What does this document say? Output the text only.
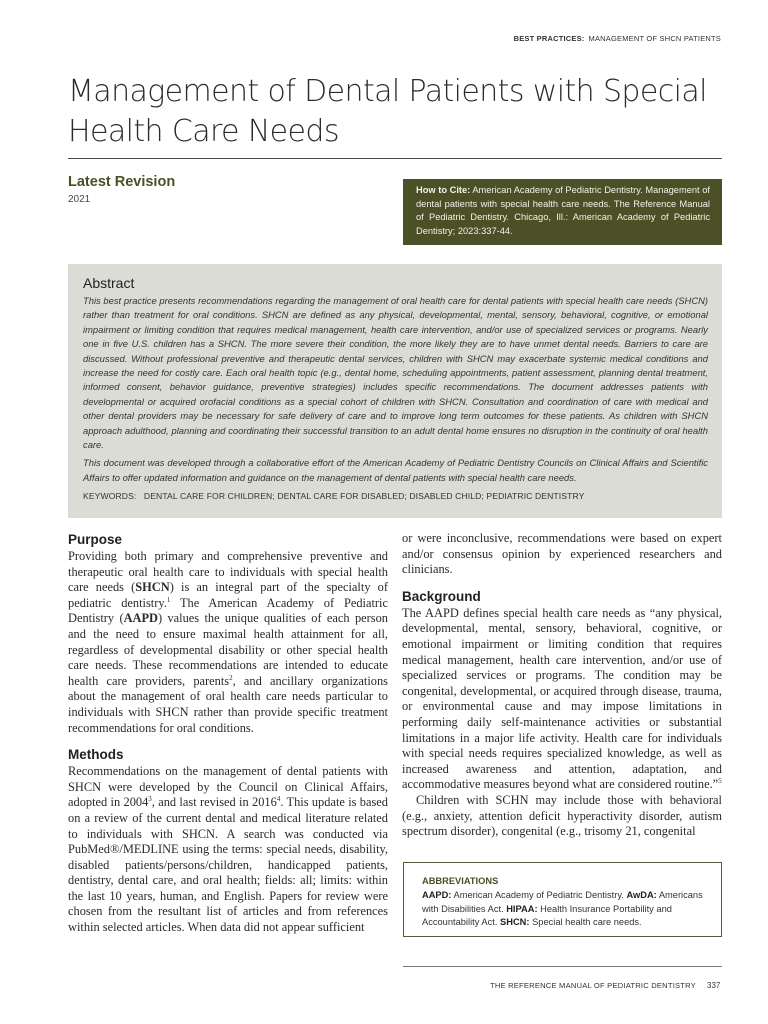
BEST PRACTICES: MANAGEMENT OF SHCN PATIENTS
Management of Dental Patients with Special
Health Care Needs
Latest Revision
2021
How to Cite: American Academy of Pediatric Dentistry. Management of dental patients with special health care needs. The Reference Manual of Pediatric Dentistry. Chicago, Ill.: American Academy of Pediatric Dentistry; 2023:337-44.
Abstract

This best practice presents recommendations regarding the management of oral health care for dental patients with special health care needs (SHCN) rather than treatment for oral conditions. SHCN are defined as any physical, developmental, mental, sensory, behavioral, cognitive, or emotional impairment or limiting condition that requires medical management, health care intervention, and/or use of specialized services or programs. Nearly one in five U.S. children has a SHCN. The more severe their condition, the more likely they are to have unmet dental needs. Barriers to care are discussed. Without professional preventive and therapeutic dental services, children with SHCN may exacerbate systemic medical conditions and increase the need for costly care. Each oral health topic (e.g., dental home, scheduling appointments, patient assessment, planning dental treatment, informed consent, behavior guidance, preventive strategies) includes specific recommendations. The document addresses patients with developmental or acquired orofacial conditions as a special cohort of children with SHCN. Consultation and coordination of care with medical and other dental providers may be necessary for safe delivery of care and to improve long term outcomes for these patients. As children with SHCN approach adulthood, planning and coordinating their successful transition to an adult dental home ensures no disruption in the continuity of oral health care.

This document was developed through a collaborative effort of the American Academy of Pediatric Dentistry Councils on Clinical Affairs and Scientific Affairs to offer updated information and guidance on the management of dental patients with special health care needs.

KEYWORDS: DENTAL CARE FOR CHILDREN; DENTAL CARE FOR DISABLED; DISABLED CHILD; PEDIATRIC DENTISTRY
Purpose

Providing both primary and comprehensive preventive and therapeutic oral health care to individuals with special health care needs (SHCN) is an integral part of the specialty of pediatric dentistry.$^1$ The American Academy of Pediatric Dentistry (AAPD) values the unique qualities of each person and the need to ensure maximal health attainment for all, regardless of developmental disability or other special health care needs. These recommendations are intended to educate health care providers, parents$^2$, and ancillary organizations about the management of oral health care needs particular to individuals with SHCN rather than provide specific treatment recommendations for oral conditions.

Methods

Recommendations on the management of dental patients with SHCN were developed by the Council on Clinical Affairs, adopted in 2004$^3$, and last revised in 2016$^4$. This update is based on a review of the current dental and medical literature related to individuals with SHCN. A search was conducted via PubMed®/MEDLINE using the terms: special needs, disability, disabled patients/persons/children, handicapped patients, dentistry, dental care, and oral health; fields: all; limits: within the last 10 years, human, and English. Papers for review were chosen from the resultant list of articles and from references within selected articles. When data did not appear sufficient

or were inconclusive, recommendations were based on expert and/or consensus opinion by experienced researchers and clinicians.

Background

The AAPD defines special health care needs as “any physical, developmental, mental, sensory, behavioral, cognitive, or emotional impairment or limiting condition that requires medical management, health care intervention, and/or use of specialized services or programs. The condition may be congenital, developmental, or acquired through disease, trauma, or environmental cause and may impose limitations in performing daily self-maintenance activities or substantial limitations in a major life activity. Health care for individuals with special needs requires specialized knowledge, as well as increased awareness and attention, adaptation, and accommodative measures beyond what are considered routine.”$^5$

Children with SCHN may include those with behavioral (e.g., anxiety, attention deficit hyperactivity disorder, autism spectrum disorder), congenital (e.g., trisomy 21, congenital

ABBREVIATIONS
AAPD: American Academy of Pediatric Dentistry. AwDA: Americans with Disabilities Act. HIPAA: Health Insurance Portability and Accountability Act. SHCN: Special health care needs.
THE REFERENCE MANUAL OF PEDIATRIC DENTISTRY 337
